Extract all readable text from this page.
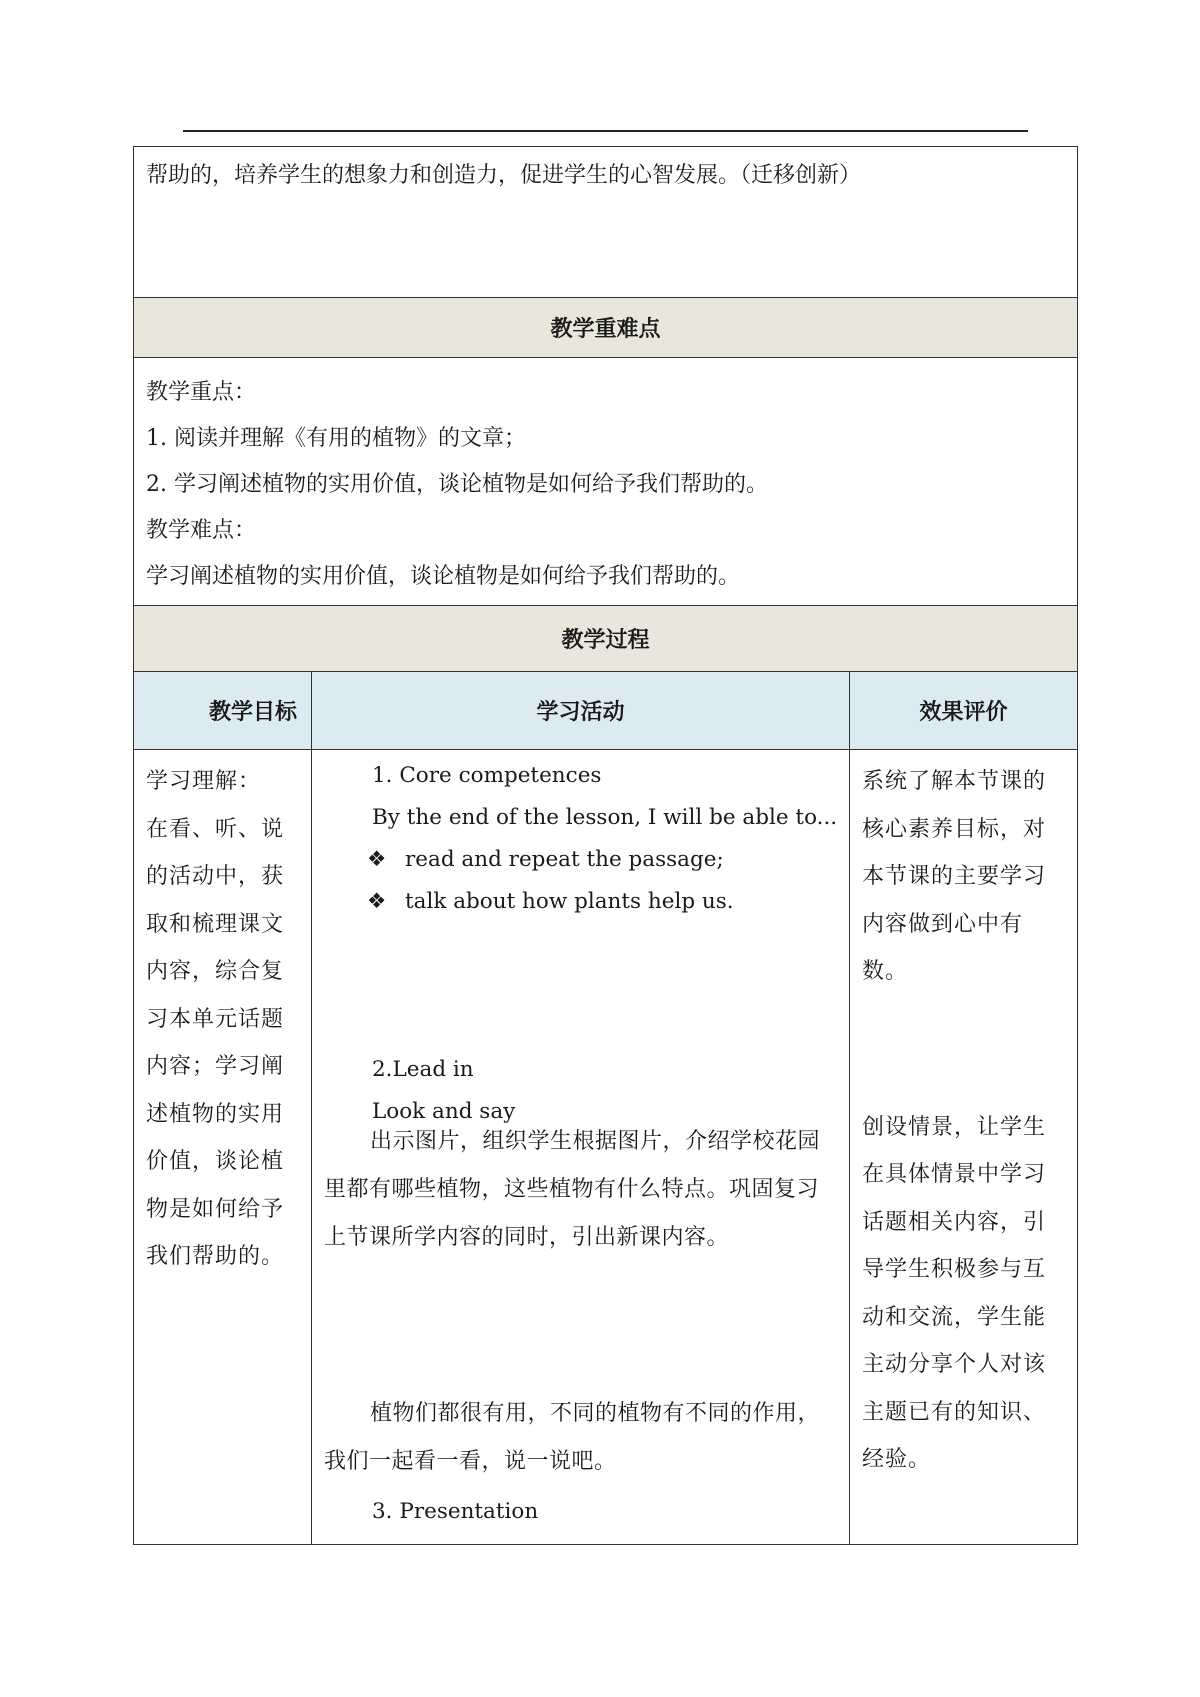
帮助的，培养学生的想象力和创造力，促进学生的心智发展。（迁移创新）
教学重难点
教学重点：
1. 阅读并理解《有用的植物》的文章；
2. 学习阐述植物的实用价值，谈论植物是如何给予我们帮助的。
教学难点：
学习阐述植物的实用价值，谈论植物是如何给予我们帮助的。
教学过程
教学目标	学习活动	效果评价
学习理解：
在看、听、说
的活动中，获
取和梳理课文
内容，综合复
习本单元话题
内容；学习阐
述植物的实用
价值，谈论植
物是如何给予
我们帮助的。
1. Core competences
By the end of the lesson, I will be able to...
❖ read and repeat the passage;
❖ talk about how plants help us.
2.Lead in
Look and say
出示图片，组织学生根据图片，介绍学校花园里都有哪些植物，这些植物有什么特点。巩固复习上节课所学内容的同时，引出新课内容。
植物们都很有用，不同的植物有不同的作用，我们一起看一看，说一说吧。
3. Presentation
系统了解本节课的
核心素养目标，对
本节课的主要学习
内容做到心中有
数。
创设情景，让学生
在具体情景中学习
话题相关内容，引
导学生积极参与互
动和交流，学生能
主动分享个人对该
主题已有的知识、
经验。
